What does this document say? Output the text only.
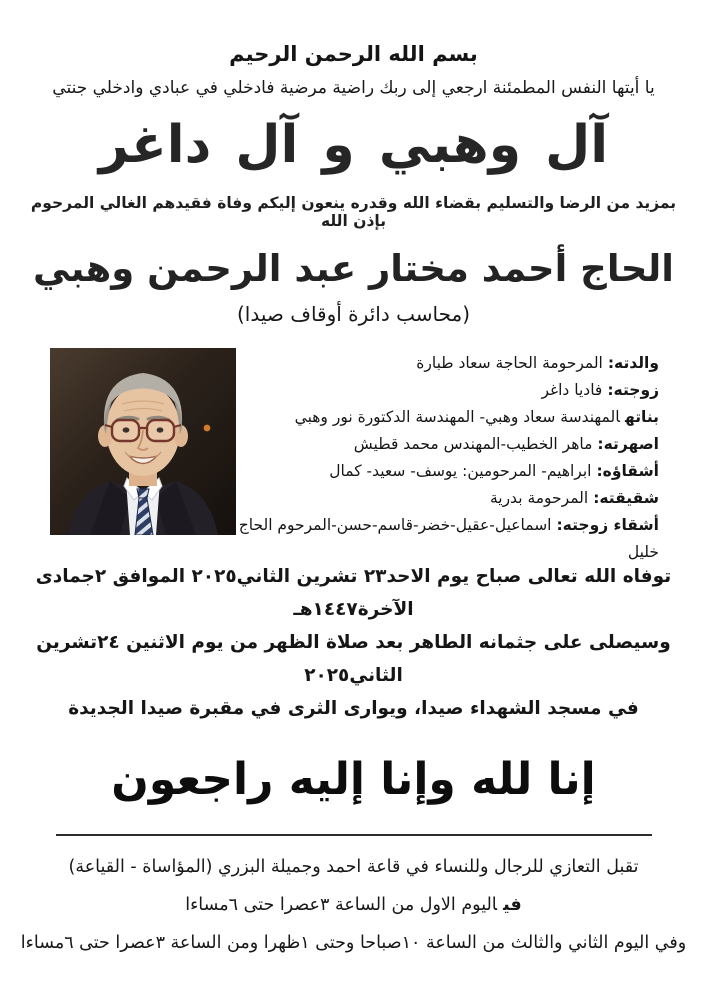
بسم الله الرحمن الرحيم
يا أيتها النفس المطمئنة ارجعي إلى ربك راضية مرضية فادخلي في عبادي وادخلي جنتي
آل وهبي و آل داغر
بمزيد من الرضا والتسليم بقضاء الله وقدره ينعون إليكم وفاة فقيدهم الغالي المرحوم بإذن الله
الحاج أحمد مختار عبد الرحمن وهبي
(محاسب دائرة أوقاف صيدا)
والدته:المرحومة الحاجة سعاد طبارة
زوجته:فاديا داغر
بناتهالمهندسة سعاد وهبي- المهندسة الدكتورة نور وهبي
اصهرته:ماهر الخطيب-المهندس محمد قطيش
أشقاؤه:ابراهيم- المرحومين: يوسف- سعيد- كمال
شقيقته:المرحومة بدرية
أشقاء زوجته:اسماعيل-عقيل-خضر-قاسم-حسن-المرحوم الحاج خليل
توفاه الله تعالى صباح يوم الاحد٢٣ تشرين الثاني٢٠٢٥ الموافق ٢جمادى الآخرة١٤٤٧هـ
وسيصلى على جثمانه الطاهر بعد صلاة الظهر من يوم الاثنين ٢٤تشرين الثاني٢٠٢٥
في مسجد الشهداء صيدا، ويوارى الثرى في مقبرة صيدا الجديدة
إنا لله وإنا إليه راجعون
تقبل التعازي للرجال وللنساء في قاعة احمد وجميلة البزري (المؤاساة - القياعة)
فياليوم الاول من الساعة ٣عصرا حتى ٦مساءا
وفي اليوم الثاني والثالث من الساعة ١٠صباحا وحتى ١ظهرا ومن الساعة ٣عصرا حتى ٦مساءا
